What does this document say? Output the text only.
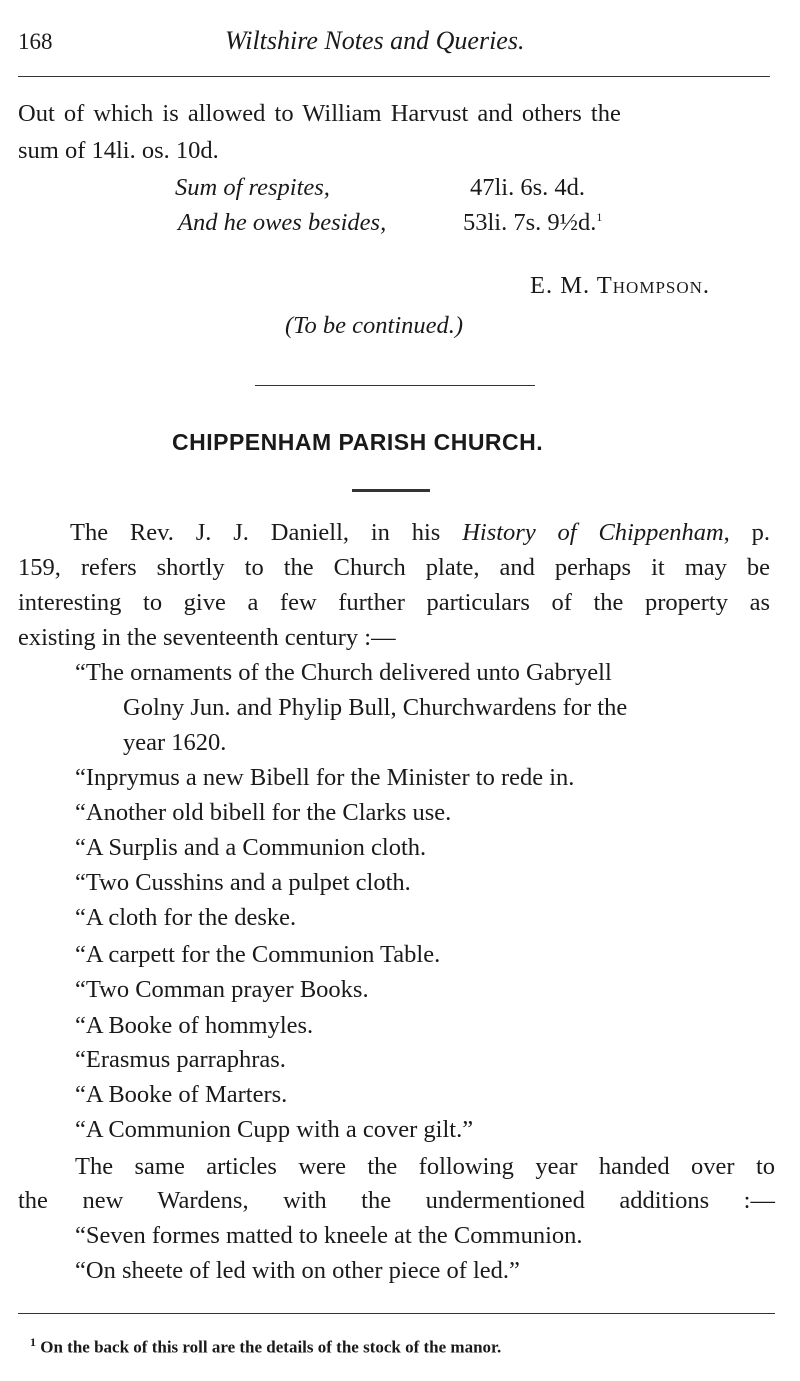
168	Wiltshire Notes and Queries.
Out of which is allowed to William Harvust and others the
sum of 14li. os. 10d.
Sum of respites,	47li. 6s. 4d.
And he owes besides,	53li. 7s. 9½d.$^1$
E. M. Thompson.
(To be continued.)
CHIPPENHAM PARISH CHURCH.
The Rev. J. J. Daniell, in his History of Chippenham, p.
159, refers shortly to the Church plate, and perhaps it may be
interesting to give a few further particulars of the property as
existing in the seventeenth century :—
“The ornaments of the Church delivered unto Gabryell
Golny Jun. and Phylip Bull, Churchwardens for the
year 1620.
“Inprymus a new Bibell for the Minister to rede in.
“Another old bibell for the Clarks use.
“A Surplis and a Communion cloth.
“Two Cusshins and a pulpet cloth.
“A cloth for the deske.
“A carpett for the Communion Table.
“Two Comman prayer Books.
“A Booke of hommyles.
“Erasmus parraphras.
“A Booke of Marters.
“A Communion Cupp with a cover gilt.”
The same articles were the following year handed over to
the new Wardens, with the undermentioned additions :—
“Seven formes matted to kneele at the Communion.
“On sheete of led with on other piece of led.”
$^1$ On the back of this roll are the details of the stock of the manor.
